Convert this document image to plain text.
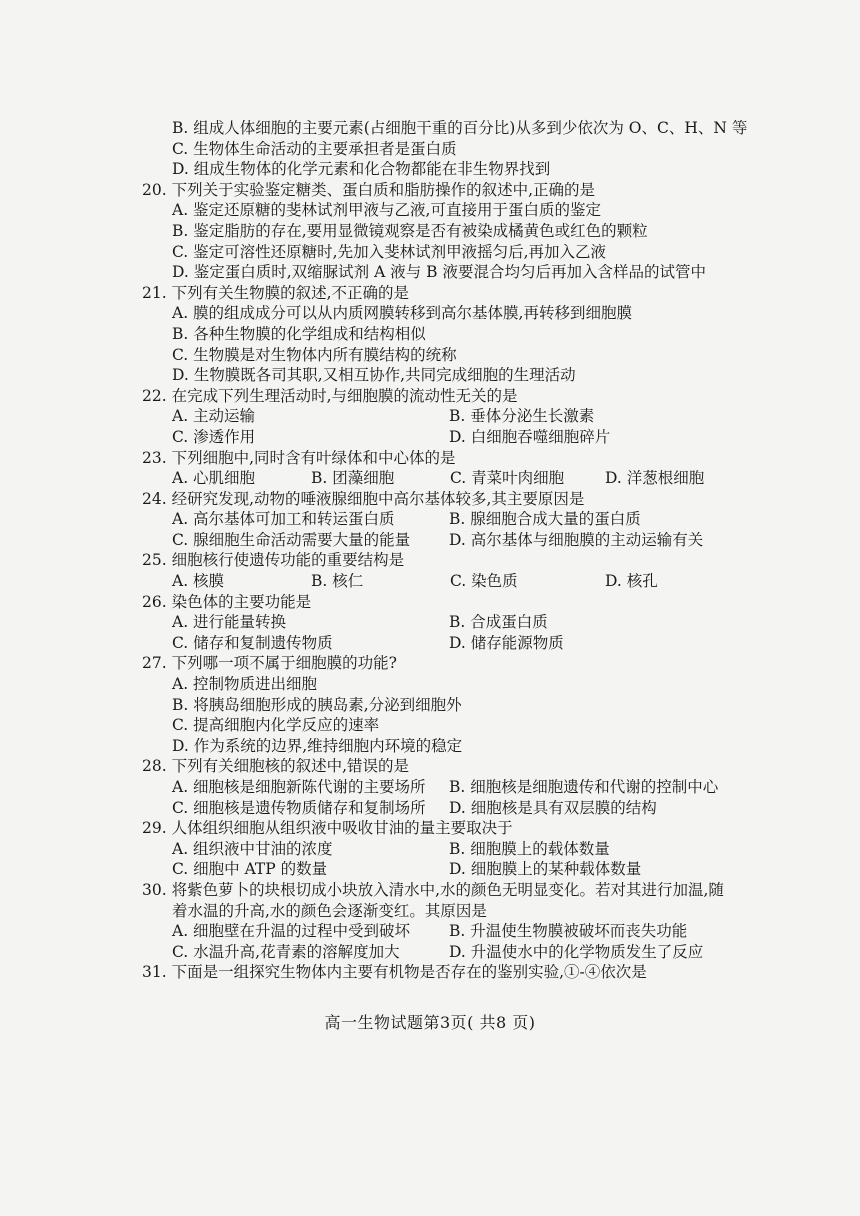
B. 组成人体细胞的主要元素(占细胞干重的百分比)从多到少依次为 O、C、H、N 等
C. 生物体生命活动的主要承担者是蛋白质
D. 组成生物体的化学元素和化合物都能在非生物界找到
20. 下列关于实验鉴定糖类、蛋白质和脂肪操作的叙述中,正确的是
A. 鉴定还原糖的斐林试剂甲液与乙液,可直接用于蛋白质的鉴定
B. 鉴定脂肪的存在,要用显微镜观察是否有被染成橘黄色或红色的颗粒
C. 鉴定可溶性还原糖时,先加入斐林试剂甲液摇匀后,再加入乙液
D. 鉴定蛋白质时,双缩脲试剂 A 液与 B 液要混合均匀后再加入含样品的试管中
21. 下列有关生物膜的叙述,不正确的是
A. 膜的组成成分可以从内质网膜转移到高尔基体膜,再转移到细胞膜
B. 各种生物膜的化学组成和结构相似
C. 生物膜是对生物体内所有膜结构的统称
D. 生物膜既各司其职,又相互协作,共同完成细胞的生理活动
22. 在完成下列生理活动时,与细胞膜的流动性无关的是
A. 主动运输	B. 垂体分泌生长激素
C. 渗透作用	D. 白细胞吞噬细胞碎片
23. 下列细胞中,同时含有叶绿体和中心体的是
A. 心肌细胞	B. 团藻细胞	C. 青菜叶肉细胞	D. 洋葱根细胞
24. 经研究发现,动物的唾液腺细胞中高尔基体较多,其主要原因是
A. 高尔基体可加工和转运蛋白质	B. 腺细胞合成大量的蛋白质
C. 腺细胞生命活动需要大量的能量	D. 高尔基体与细胞膜的主动运输有关
25. 细胞核行使遗传功能的重要结构是
A. 核膜	B. 核仁	C. 染色质	D. 核孔
26. 染色体的主要功能是
A. 进行能量转换	B. 合成蛋白质
C. 储存和复制遗传物质	D. 储存能源物质
27. 下列哪一项不属于细胞膜的功能?
A. 控制物质进出细胞
B. 将胰岛细胞形成的胰岛素,分泌到细胞外
C. 提高细胞内化学反应的速率
D. 作为系统的边界,维持细胞内环境的稳定
28. 下列有关细胞核的叙述中,错误的是
A. 细胞核是细胞新陈代谢的主要场所	B. 细胞核是细胞遗传和代谢的控制中心
C. 细胞核是遗传物质储存和复制场所	D. 细胞核是具有双层膜的结构
29. 人体组织细胞从组织液中吸收甘油的量主要取决于
A. 组织液中甘油的浓度	B. 细胞膜上的载体数量
C. 细胞中 ATP 的数量	D. 细胞膜上的某种载体数量
30. 将紫色萝卜的块根切成小块放入清水中,水的颜色无明显变化。若对其进行加温,随
着水温的升高,水的颜色会逐渐变红。其原因是
A. 细胞壁在升温的过程中受到破坏	B. 升温使生物膜被破坏而丧失功能
C. 水温升高,花青素的溶解度加大	D. 升温使水中的化学物质发生了反应
31. 下面是一组探究生物体内主要有机物是否存在的鉴别实验,①-④依次是
高一生物试题第3页( 共8 页)
